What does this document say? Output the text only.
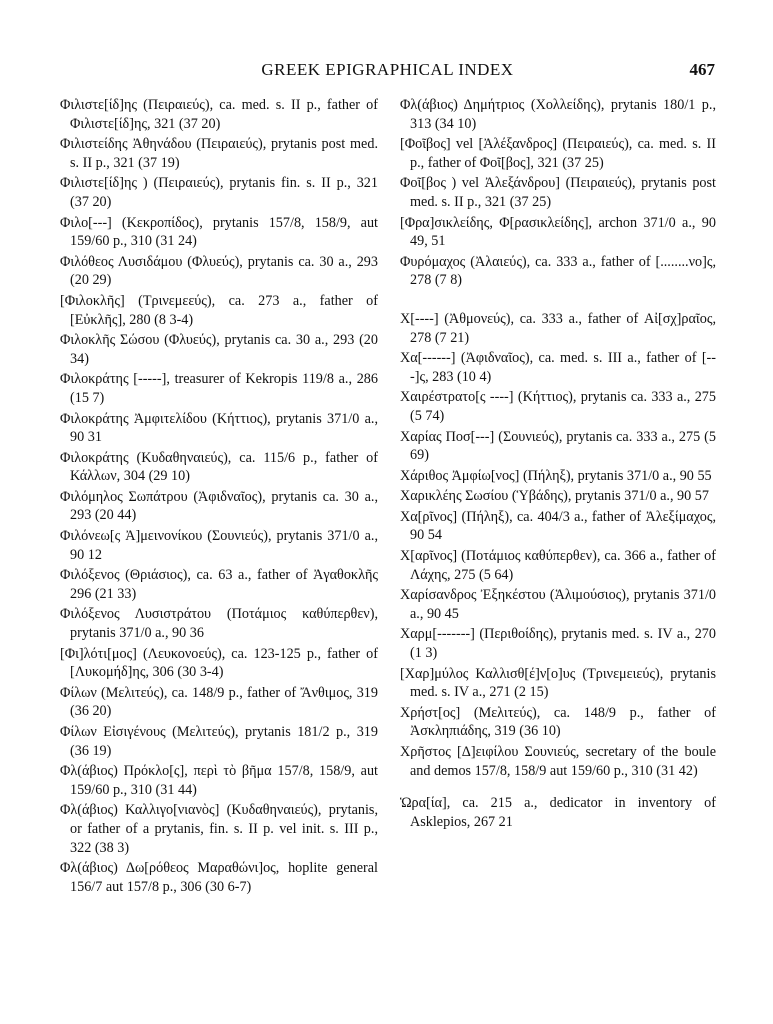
GREEK EPIGRAPHICAL INDEX	467
Φιλιστε[ίδ]ης (Πειραιεύς), ca. med. s. II p., father of Φιλιστε[ίδ]ης, 321 (37 20)
Φιλιστείδης Ἀθηνάδου (Πειραιεύς), prytanis post med. s. II p., 321 (37 19)
Φιλιστε[ίδ]ης ) (Πειραιεύς), prytanis fin. s. II p., 321 (37 20)
Φιλο[---] (Κεκροπίδος), prytanis 157/8, 158/9, aut 159/60 p., 310 (31 24)
Φιλόθεος Λυσιδάμου (Φλυεύς), prytanis ca. 30 a., 293 (20 29)
[Φιλοκλῆς] (Τρινεμεεύς), ca. 273 a., father of [Εὐκλῆς], 280 (8 3-4)
Φιλοκλῆς Σώσου (Φλυεύς), prytanis ca. 30 a., 293 (20 34)
Φιλοκράτης [-----], treasurer of Kekropis 119/8 a., 286 (15 7)
Φιλοκράτης Ἀμφιτελίδου (Κήττιος), prytanis 371/0 a., 90 31
Φιλοκράτης (Κυδαθηναιεύς), ca. 115/6 p., father of Κάλλων, 304 (29 10)
Φιλόμηλος Σωπάτρου (Ἀφιδναῖος), prytanis ca. 30 a., 293 (20 44)
Φιλόνεω[ς Ἀ]μεινονίκου (Σουνιεύς), prytanis 371/0 a., 90 12
Φιλόξενος (Θριάσιος), ca. 63 a., father of Ἀγαθοκλῆς 296 (21 33)
Φιλόξενος Λυσιστράτου (Ποτάμιος καθύπερθεν), prytanis 371/0 a., 90 36
[Φι]λότι[μος] (Λευκονοεύς), ca. 123-125 p., father of [Λυκομήδ]ης, 306 (30 3-4)
Φίλων (Μελιτεύς), ca. 148/9 p., father of Ἄνθιμος, 319 (36 20)
Φίλων Εἰσιγένους (Μελιτεύς), prytanis 181/2 p., 319 (36 19)
Φλ(άβιος) Πρόκλο[ς], περὶ τὸ βῆμα 157/8, 158/9, aut 159/60 p., 310 (31 44)
Φλ(άβιος) Καλλιγο[νιανὸς] (Κυδαθηναιεύς), prytanis, or father of a prytanis, fin. s. II p. vel init. s. III p., 322 (38 3)
Φλ(άβιος) Δω[ρόθεος Μαραθώνι]ος, hoplite general 156/7 aut 157/8 p., 306 (30 6-7)
Φλ(άβιος) Δημήτριος (Χολλείδης), prytanis 180/1 p., 313 (34 10)
[Φοῖβος] vel [Ἀλέξανδρος] (Πειραιεύς), ca. med. s. II p., father of Φοῖ[βος], 321 (37 25)
Φοῖ[βος ) vel Ἀλεξάνδρου] (Πειραιεύς), prytanis post med. s. II p., 321 (37 25)
[Φρα]σικλείδης, Φ[ρασικλείδης], archon 371/0 a., 90 49, 51
Φυρόμαχος (Ἀλαιεύς), ca. 333 a., father of [........νο]ς, 278 (7 8)
Χ[----] (Ἀθμονεύς), ca. 333 a., father of Αἰ[σχ]ραῖος, 278 (7 21)
Χα[------] (Ἀφιδναῖος), ca. med. s. III a., father of [---]ς, 283 (10 4)
Χαιρέστρατο[ς ----] (Κήττιος), prytanis ca. 333 a., 275 (5 74)
Χαρίας Ποσ[---] (Σουνιεύς), prytanis ca. 333 a., 275 (5 69)
Χάριθος Ἀμφίω[νος] (Πήληξ), prytanis 371/0 a., 90 55
Χαρικλέης Σωσίου (Ὑβάδης), prytanis 371/0 a., 90 57
Χα[ρῖνος] (Πήληξ), ca. 404/3 a., father of Ἀλεξίμαχος, 90 54
Χ[αρῖνος] (Ποτάμιος καθύπερθεν), ca. 366 a., father of Λάχης, 275 (5 64)
Χαρίσανδρος Ἐξηκέστου (Ἁλιμούσιος), prytanis 371/0 a., 90 45
Χαρμ[-------] (Περιθοίδης), prytanis med. s. IV a., 270 (1 3)
[Χαρ]μύλος Καλλισθ[έ]ν[ο]υς (Τρινεμειεύς), prytanis med. s. IV a., 271 (2 15)
Χρήστ[ος] (Μελιτεύς), ca. 148/9 p., father of Ἀσκληπιάδης, 319 (36 10)
Χρῆστος [Δ]ειφίλου Σουνιεύς, secretary of the boule and demos 157/8, 158/9 aut 159/60 p., 310 (31 42)
Ὡρα[ία], ca. 215 a., dedicator in inventory of Asklepios, 267 21
